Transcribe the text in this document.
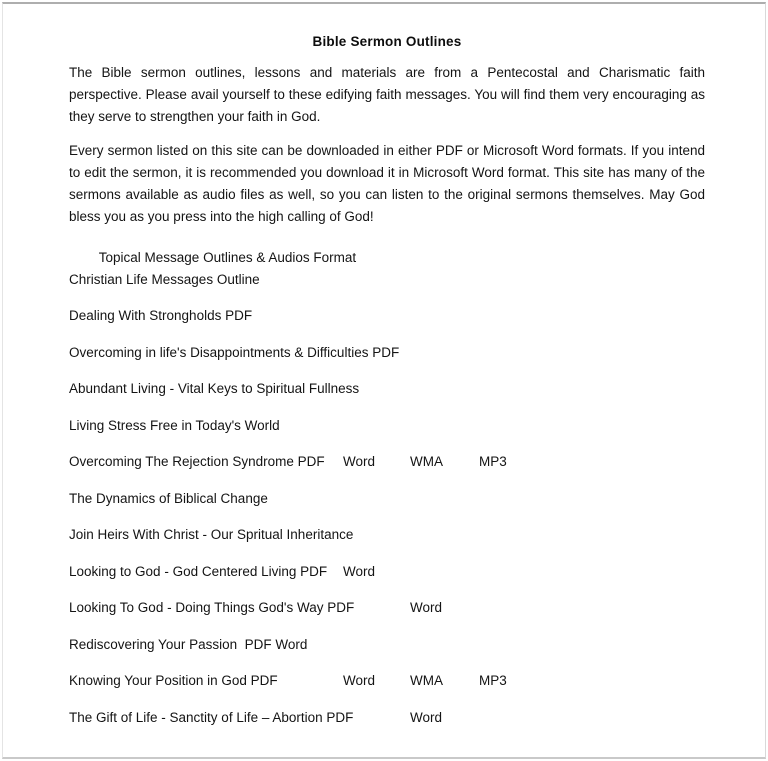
Bible Sermon Outlines

The Bible sermon outlines, lessons and materials are from a Pentecostal and Charismatic faith perspective. Please avail yourself to these edifying faith messages. You will find them very encouraging as they serve to strengthen your faith in God.

Every sermon listed on this site can be downloaded in either PDF or Microsoft Word formats. If you intend to edit the sermon, it is recommended you download it in Microsoft Word format. This site has many of the sermons available as audio files as well, so you can listen to the original sermons themselves. May God bless you as you press into the high calling of God!

Topical Message Outlines & Audios Format

Christian Life Messages Outline
Dealing With Strongholds PDF
Overcoming in life's Disappointments & Difficulties PDF
Abundant Living - Vital Keys to Spiritual Fullness
Living Stress Free in Today's World
Overcoming The Rejection Syndrome PDF Word	WMA	MP3
The Dynamics of Biblical Change
Join Heirs With Christ - Our Spritual Inheritance
Looking to God - God Centered Living PDF Word
Looking To God - Doing Things God's Way PDF	Word
Rediscovering Your Passion  PDF Word
Knowing Your Position in God PDF	Word	WMA	MP3
The Gift of Life - Sanctity of Life – Abortion PDF	Word
